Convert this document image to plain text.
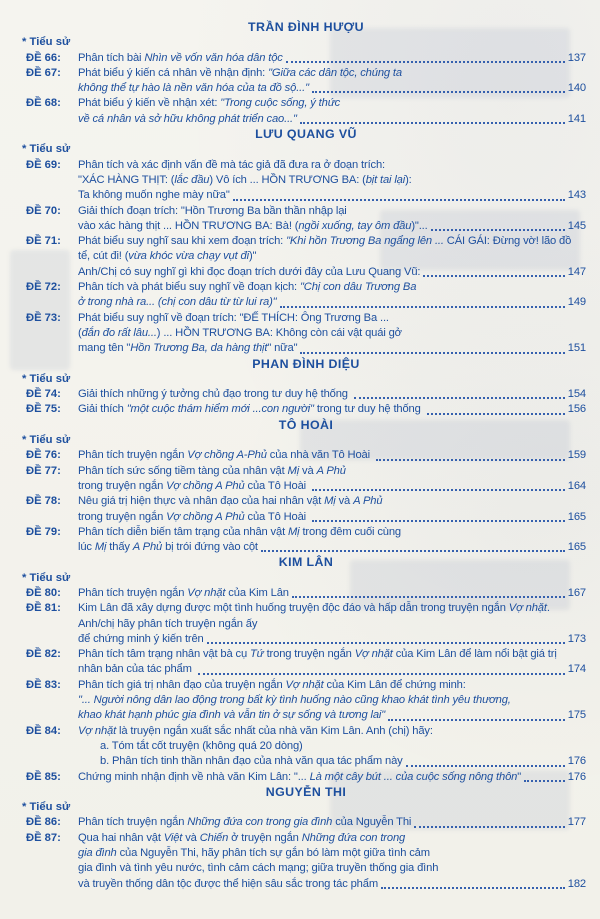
TRẦN ĐÌNH HƯỢU
* Tiểu sử
ĐỀ 66:	Phân tích bài Nhìn về vốn văn hóa dân tộc	137
ĐỀ 67:	Phát biểu ý kiến cá nhân về nhận định: "Giữa các dân tộc, chúng ta
không thể tự hào là nền văn hóa của ta đồ sộ..."	140
ĐỀ 68:	Phát biểu ý kiến về nhận xét: "Trong cuộc sống, ý thức
về cá nhân và sở hữu không phát triển cao..."	141
LƯU QUANG VŨ
* Tiểu sử
ĐỀ 69:	Phân tích và xác định vấn đề mà tác giả đã đưa ra ở đoạn trích:
"XÁC HÀNG THỊT: (lắc đầu) Vô ích ... HỒN TRƯƠNG BA: (bịt tai lại):
Ta không muốn nghe mày nữa"	143
ĐỀ 70:	Giải thích đoạn trích: "Hồn Trương Ba bần thần nhập lại
vào xác hàng thịt ... HỒN TRƯƠNG BA: Bà! (ngồi xuống, tay ôm đầu)"...	145
ĐỀ 71:	Phát biểu suy nghĩ sau khi xem đoạn trích: "Khi hồn Trương Ba ngẩng lên ... CÁI GÁI: Đừng vờ! lão đồ
tể, cút đi! (vừa khóc vừa chạy vụt đi)"
Anh/Chị có suy nghĩ gì khi đọc đoạn trích dưới đây của Lưu Quang Vũ:	147
ĐỀ 72:	Phân tích và phát biểu suy nghĩ về đoạn kịch: "Chị con dâu Trương Ba
ở trong nhà ra... (chị con dâu từ từ lui ra)"	149
ĐỀ 73:	Phát biểu suy nghĩ về đoạn trích: "ĐẾ THÍCH: Ông Trương Ba ...
(đắn đo rất lâu...) ... HỒN TRƯƠNG BA: Không còn cái vật quái gở
mang tên "Hồn Trương Ba, da hàng thịt" nữa"	151
PHAN ĐÌNH DIỆU
* Tiểu sử
ĐỀ 74:	Giải thích những ý tưởng chủ đạo trong tư duy hệ thống	154
ĐỀ 75:	Giải thích "một cuộc thám hiểm mới ...con người" trong tư duy hệ thống	156
TÔ HOÀI
* Tiểu sử
ĐỀ 76:	Phân tích truyện ngắn Vợ chồng A-Phủ của nhà văn Tô Hoài	159
ĐỀ 77:	Phân tích sức sống tiềm tàng của nhân vật Mị và A Phủ
trong truyện ngắn Vợ chồng A Phủ của Tô Hoài	164
ĐỀ 78:	Nêu giá trị hiện thực và nhân đạo của hai nhân vật Mị và A Phủ
trong truyện ngắn Vợ chồng A Phủ của Tô Hoài	165
ĐỀ 79:	Phân tích diễn biến tâm trạng của nhân vật Mị trong đêm cuối cùng
lúc Mị thấy A Phủ bị trói đứng vào cột	165
KIM LÂN
* Tiểu sử
ĐỀ 80:	Phân tích truyện ngắn Vợ nhặt của Kim Lân	167
ĐỀ 81:	Kim Lân đã xây dựng được một tình huống truyện độc đáo và hấp dẫn trong truyện ngắn Vợ nhặt.
Anh/chị hãy phân tích truyện ngắn ấy
để chứng minh ý kiến trên	173
ĐỀ 82:	Phân tích tâm trạng nhân vật bà cụ Tứ trong truyện ngắn Vợ nhặt của Kim Lân để làm nổi bật giá trị
nhân bản của tác phẩm	174
ĐỀ 83:	Phân tích giá trị nhân đạo của truyện ngắn Vợ nhặt của Kim Lân để chứng minh:
"... Người nông dân lao động trong bất kỳ tình huống nào cũng khao khát tình yêu thương,
khao khát hạnh phúc gia đình và vẫn tin ở sự sống và tương lai"	175
ĐỀ 84:	Vợ nhặt là truyện ngắn xuất sắc nhất của nhà văn Kim Lân. Anh (chị) hãy:
a. Tóm tắt cốt truyện (không quá 20 dòng)
b. Phân tích tinh thần nhân đạo của nhà văn qua tác phẩm này	176
ĐỀ 85:	Chứng minh nhận định về nhà văn Kim Lân: "... Là một cây bút ... của cuộc sống nông thôn"	176
NGUYỄN THI
* Tiểu sử
ĐỀ 86:	Phân tích truyện ngắn Những đứa con trong gia đình của Nguyễn Thi	177
ĐỀ 87:	Qua hai nhân vật Việt và Chiến ở truyện ngắn Những đứa con trong
gia đình của Nguyễn Thi, hãy phân tích sự gắn bó làm một giữa tình cảm
gia đình và tình yêu nước, tình cảm cách mạng; giữa truyền thống gia đình
và truyền thống dân tộc được thể hiện sâu sắc trong tác phẩm	182
